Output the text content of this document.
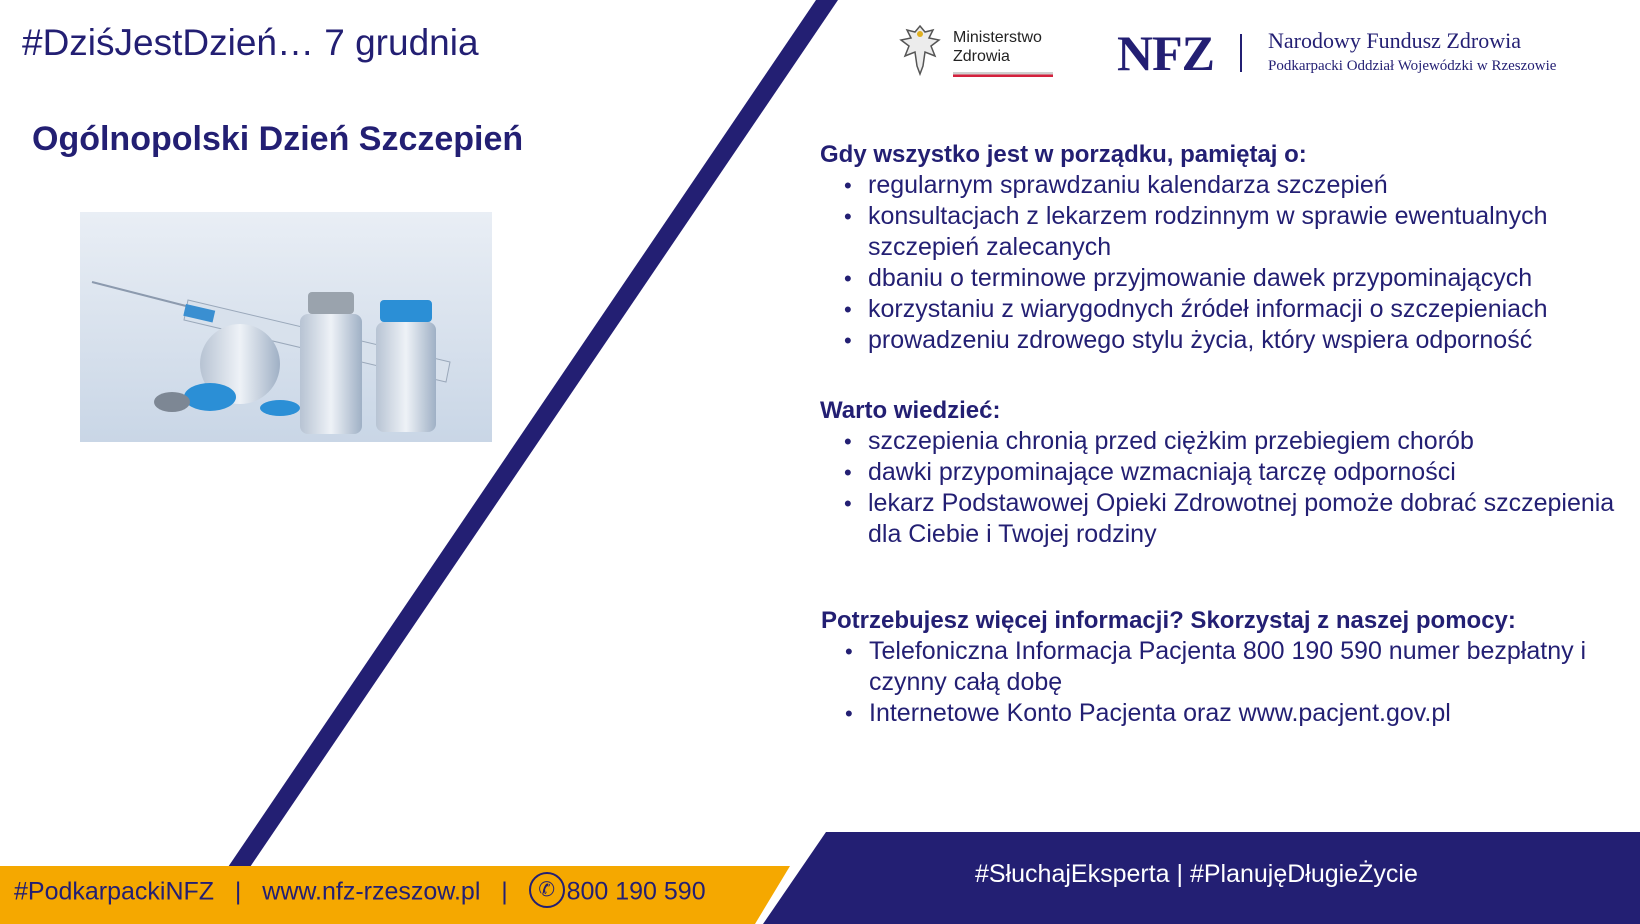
#DziśJestDzień… 7 grudnia
Ogólnopolski Dzień Szczepień
Ministerstwo
Zdrowia	NFZ Narodowy Fundusz Zdrowia
Podkarpacki Oddział Wojewódzki w Rzeszowie

Gdy wszystko jest w porządku, pamiętaj o:

• regularnym sprawdzaniu kalendarza szczepień
• konsultacjach z lekarzem rodzinnym w sprawie ewentualnych szczepień zalecanych
• dbaniu o terminowe przyjmowanie dawek przypominających
• korzystaniu z wiarygodnych źródeł informacji o szczepieniach
• prowadzeniu zdrowego stylu życia, który wspiera odporność

Warto wiedzieć:

• szczepienia chronią przed ciężkim przebiegiem chorób
• dawki przypominające wzmacniają tarczę odporności
• lekarz Podstawowej Opieki Zdrowotnej pomoże dobrać szczepienia dla Ciebie i Twojej rodziny

Potrzebujesz więcej informacji? Skorzystaj z naszej pomocy:

• Telefoniczna Informacja Pacjenta 800 190 590 numer bezpłatny i czynny całą dobę
• Internetowe Konto Pacjenta oraz www.pacjent.gov.pl
#PodkarpackiNFZ | www.nfz-rzeszow.pl | ✆ 800 190 590
#SłuchajEksperta | #PlanujęDługieŻycie
